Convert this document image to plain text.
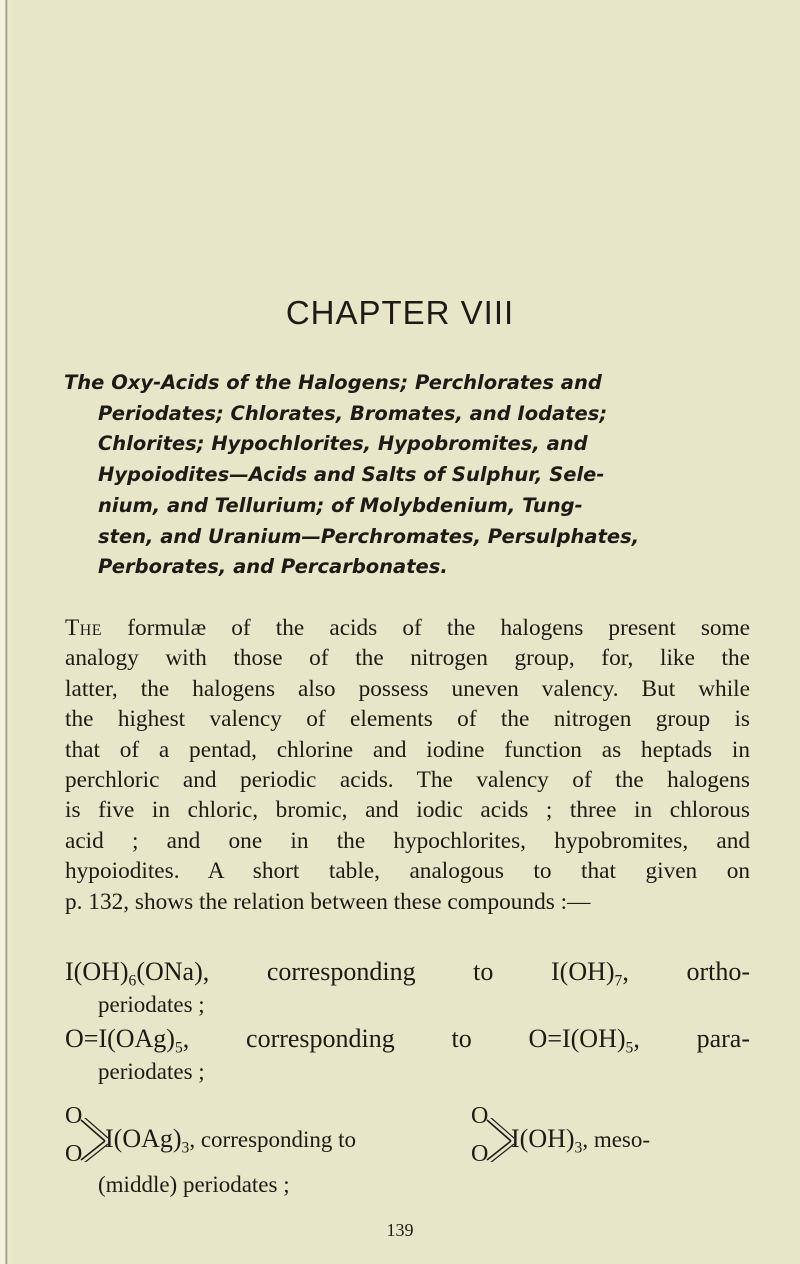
CHAPTER VIII
The Oxy-Acids of the Halogens; Perchlorates and
Periodates; Chlorates, Bromates, and Iodates;
Chlorites; Hypochlorites, Hypobromites, and
Hypoiodites—Acids and Salts of Sulphur, Sele-
nium, and Tellurium; of Molybdenium, Tung-
sten, and Uranium—Perchromates, Persulphates,
Perborates, and Percarbonates.
The formulæ of the acids of the halogens present some
analogy with those of the nitrogen group, for, like the
latter, the halogens also possess uneven valency. But while
the highest valency of elements of the nitrogen group is
that of a pentad, chlorine and iodine function as heptads in
perchloric and periodic acids. The valency of the halogens
is five in chloric, bromic, and iodic acids ; three in chlorous
acid ; and one in the hypochlorites, hypobromites, and
hypoiodites. A short table, analogous to that given on
p. 132, shows the relation between these compounds :—
$I(OH)_6(ONa)$, corresponding to $I(OH)_7$, ortho-
periodates ;
$O=I(OAg)_5$, corresponding to $O=I(OH)_5$, para-
periodates ;
O
O
$I(OAg)_3$, corresponding to
O
O
$I(OH)_3$, meso-
(middle) periodates ;
139
